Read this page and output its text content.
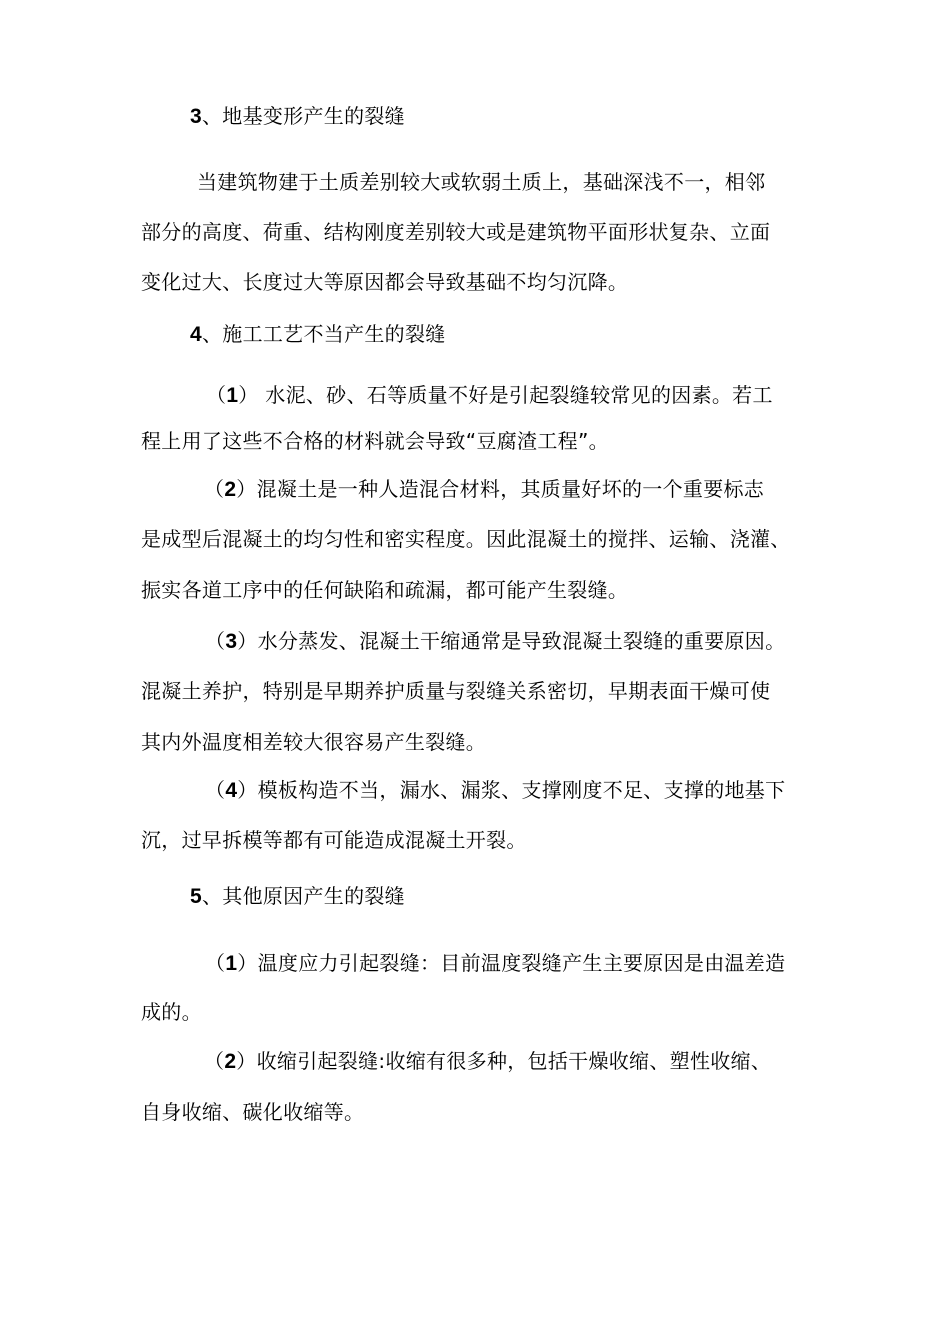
3、地基变形产生的裂缝

当建筑物建于土质差别较大或软弱土质上，基础深浅不一，相邻

部分的高度、荷重、结构刚度差别较大或是建筑物平面形状复杂、立面

变化过大、长度过大等原因都会导致基础不均匀沉降。

4、施工工艺不当产生的裂缝

（1） 水泥、砂、石等质量不好是引起裂缝较常见的因素。若工

程上用了这些不合格的材料就会导致“豆腐渣工程”。

（2）混凝土是一种人造混合材料，其质量好坏的一个重要标志

是成型后混凝土的均匀性和密实程度。因此混凝土的搅拌、运输、浇灌、

振实各道工序中的任何缺陷和疏漏，都可能产生裂缝。

（3）水分蒸发、混凝土干缩通常是导致混凝土裂缝的重要原因。

混凝土养护，特别是早期养护质量与裂缝关系密切，早期表面干燥可使

其内外温度相差较大很容易产生裂缝。

（4）模板构造不当，漏水、漏浆、支撑刚度不足、支撑的地基下

沉，过早拆模等都有可能造成混凝土开裂。

5、其他原因产生的裂缝

（1）温度应力引起裂缝：目前温度裂缝产生主要原因是由温差造

成的。

（2）收缩引起裂缝:收缩有很多种，包括干燥收缩、塑性收缩、

自身收缩、碳化收缩等。
